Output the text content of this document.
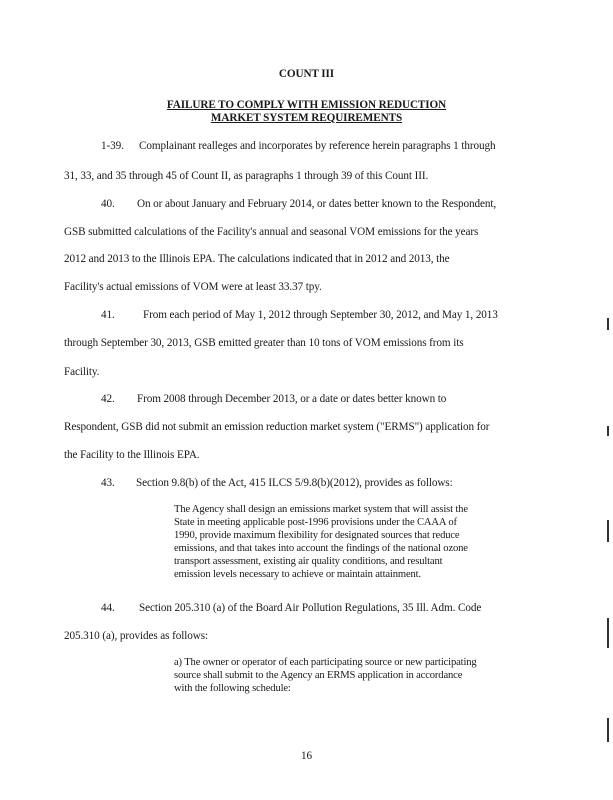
COUNT III
FAILURE TO COMPLY WITH EMISSION REDUCTION
MARKET SYSTEM REQUIREMENTS
1-39. Complainant realleges and incorporates by reference herein paragraphs 1 through
31, 33, and 35 through 45 of Count II, as paragraphs 1 through 39 of this Count III.
40. On or about January and February 2014, or dates better known to the Respondent,
GSB submitted calculations of the Facility's annual and seasonal VOM emissions for the years
2012 and 2013 to the Illinois EPA. The calculations indicated that in 2012 and 2013, the
Facility's actual emissions of VOM were at least 33.37 tpy.
41.	From each period of May 1, 2012 through September 30, 2012, and May 1, 2013
through September 30, 2013, GSB emitted greater than 10 tons of VOM emissions from its
Facility.
42. From 2008 through December 2013, or a date or dates better known to
Respondent, GSB did not submit an emission reduction market system ("ERMS") application for
the Facility to the Illinois EPA.
43. Section 9.8(b) of the Act, 415 ILCS 5/9.8(b)(2012), provides as follows:
The Agency shall design an emissions market system that will assist the
State in meeting applicable post-1996 provisions under the CAAA of
1990, provide maximum flexibility for designated sources that reduce
emissions, and that takes into account the findings of the national ozone
transport assessment, existing air quality conditions, and resultant
emission levels necessary to achieve or maintain attainment.
44. Section 205.310 (a) of the Board Air Pollution Regulations, 35 Ill. Adm. Code
205.310 (a), provides as follows:
a) The owner or operator of each participating source or new participating
source shall submit to the Agency an ERMS application in accordance
with the following schedule:
16
